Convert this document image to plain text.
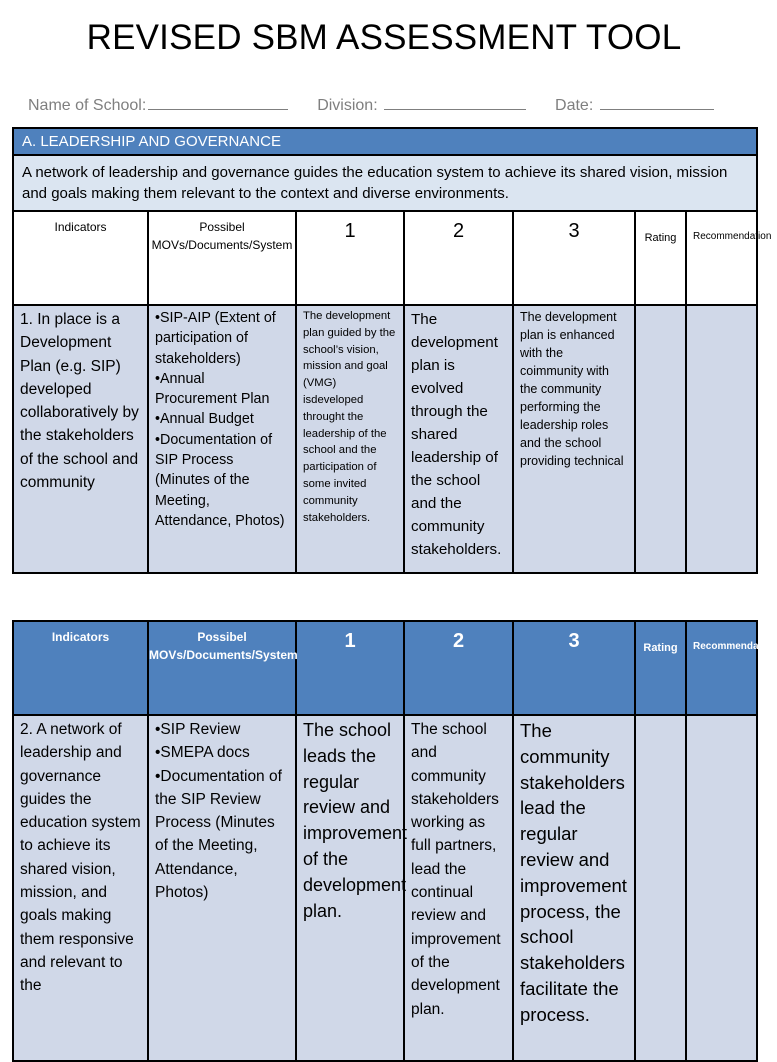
REVISED SBM ASSESSMENT TOOL
Name of School:	Division:	Date:
A. LEADERSHIP AND GOVERNANCE						
A network of leadership and governance guides the education system to achieve its shared vision, mission and goals making them relevant to the context and diverse environments.						
Indicators	Possibel MOVs/Documents/System	1	2	3	Rating	Recommendation
1. In place is a Development Plan (e.g. SIP) developed collaboratively by the stakeholders of the school and community	•SIP-AIP (Extent of participation of stakeholders)
•Annual Procurement Plan
•Annual Budget
•Documentation of SIP Process (Minutes of the Meeting, Attendance, Photos)	The development plan guided by the school’s vision, mission and goal (VMG) isdeveloped throught the leadership of the school and the participation of some invited community stakeholders.	The development plan is evolved through the shared leadership of the school and the community stakeholders.	The development plan is enhanced with the coimmunity with the community performing the leadership roles and the school providing technical		
Indicators	Possibel MOVs/Documents/System	1	2	3	Rating	Recommendation
2. A network of leadership and governance guides the education system to achieve its shared vision, mission, and goals making them responsive and relevant to the	•SIP Review
•SMEPA docs
•Documentation of the SIP Review Process (Minutes of the Meeting, Attendance, Photos)	The school leads the regular review and improvement of the development plan.	The school and community stakeholders working as full partners, lead the continual review and improvement of the development plan.	The community stakeholders lead the regular review and improvement process, the school stakeholders facilitate the process.		
